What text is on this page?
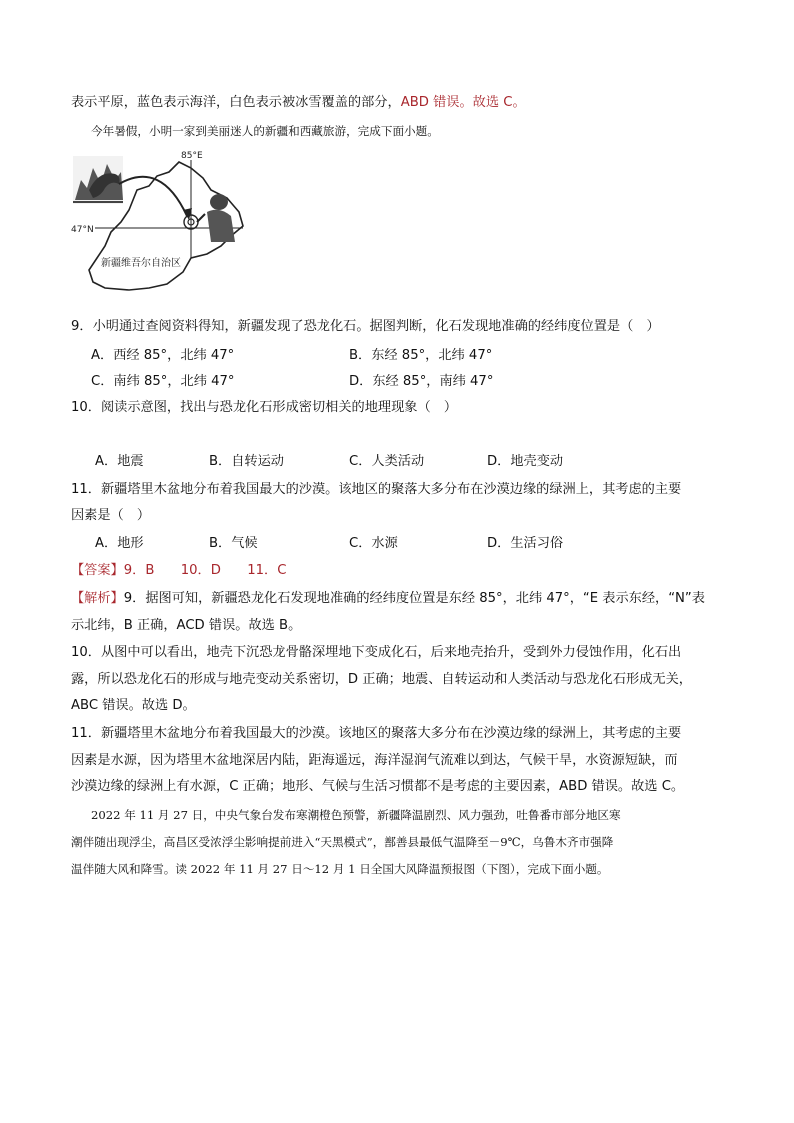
表示平原，蓝色表示海洋，白色表示被冰雪覆盖的部分，ABD 错误。故选 C。
今年暑假，小明一家到美丽迷人的新疆和西藏旅游，完成下面小题。
85°E
47°N
新疆维吾尔自治区
9．小明通过查阅资料得知，新疆发现了恐龙化石。据图判断，化石发现地准确的经纬度位置是（　）
A．西经 85°，北纬 47°	B．东经 85°，北纬 47°
C．南纬 85°，北纬 47°	D．东经 85°，南纬 47°
10．阅读示意图，找出与恐龙化石形成密切相关的地理现象（　）
A．地震	B．自转运动	C．人类活动	D．地壳变动
11．新疆塔里木盆地分布着我国最大的沙漠。该地区的聚落大多分布在沙漠边缘的绿洲上，其考虑的主要
因素是（　）
A．地形	B．气候	C．水源	D．生活习俗
【答案】9．B　　10．D　　11．C
【解析】9．据图可知，新疆恐龙化石发现地准确的经纬度位置是东经 85°，北纬 47°，“E 表示东经，“N”表
示北纬，B 正确，ACD 错误。故选 B。
10．从图中可以看出，地壳下沉恐龙骨骼深埋地下变成化石，后来地壳抬升，受到外力侵蚀作用，化石出
露，所以恐龙化石的形成与地壳变动关系密切，D 正确；地震、自转运动和人类活动与恐龙化石形成无关，
ABC 错误。故选 D。
11．新疆塔里木盆地分布着我国最大的沙漠。该地区的聚落大多分布在沙漠边缘的绿洲上，其考虑的主要
因素是水源，因为塔里木盆地深居内陆，距海遥远，海洋湿润气流难以到达，气候干旱，水资源短缺，而
沙漠边缘的绿洲上有水源，C 正确；地形、气候与生活习惯都不是考虑的主要因素，ABD 错误。故选 C。
2022 年 11 月 27 日，中央气象台发布寒潮橙色预警，新疆降温剧烈、风力强劲，吐鲁番市部分地区寒
潮伴随出现浮尘，高昌区受浓浮尘影响提前进入“天黑模式”，鄯善县最低气温降至－9℃，乌鲁木齐市强降
温伴随大风和降雪。读 2022 年 11 月 27 日～12 月 1 日全国大风降温预报图（下图），完成下面小题。
